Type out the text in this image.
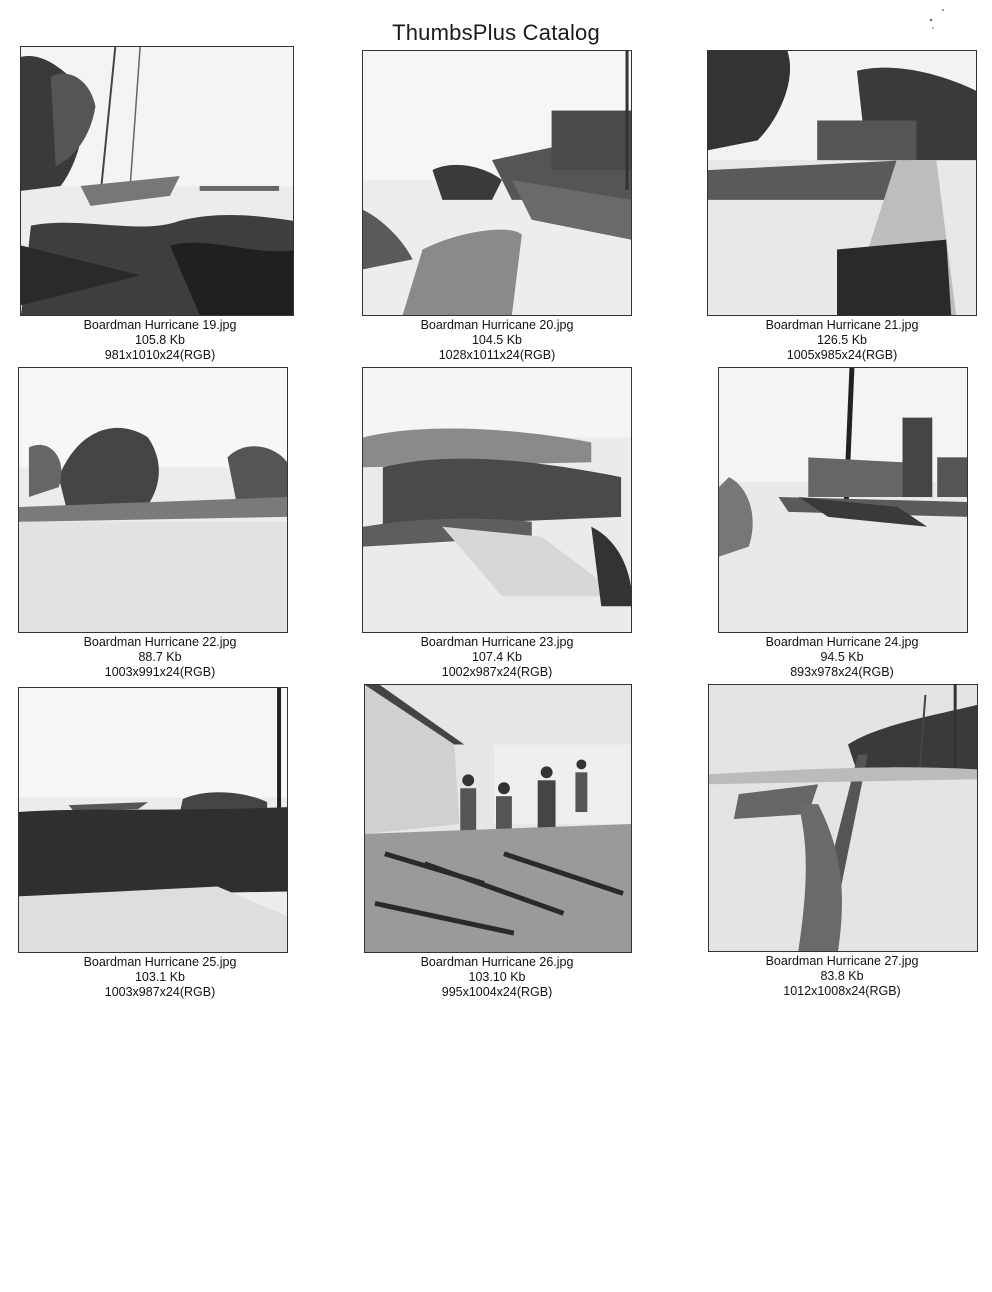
ThumbsPlus Catalog
Boardman Hurricane 19.jpg
105.8 Kb
981x1010x24(RGB)
Boardman Hurricane 20.jpg
104.5 Kb
1028x1011x24(RGB)
Boardman Hurricane 21.jpg
126.5 Kb
1005x985x24(RGB)
Boardman Hurricane 22.jpg
88.7 Kb
1003x991x24(RGB)
Boardman Hurricane 23.jpg
107.4 Kb
1002x987x24(RGB)
Boardman Hurricane 24.jpg
94.5 Kb
893x978x24(RGB)
Boardman Hurricane 25.jpg
103.1 Kb
1003x987x24(RGB)
Boardman Hurricane 26.jpg
103.10 Kb
995x1004x24(RGB)
Boardman Hurricane 27.jpg
83.8 Kb
1012x1008x24(RGB)
